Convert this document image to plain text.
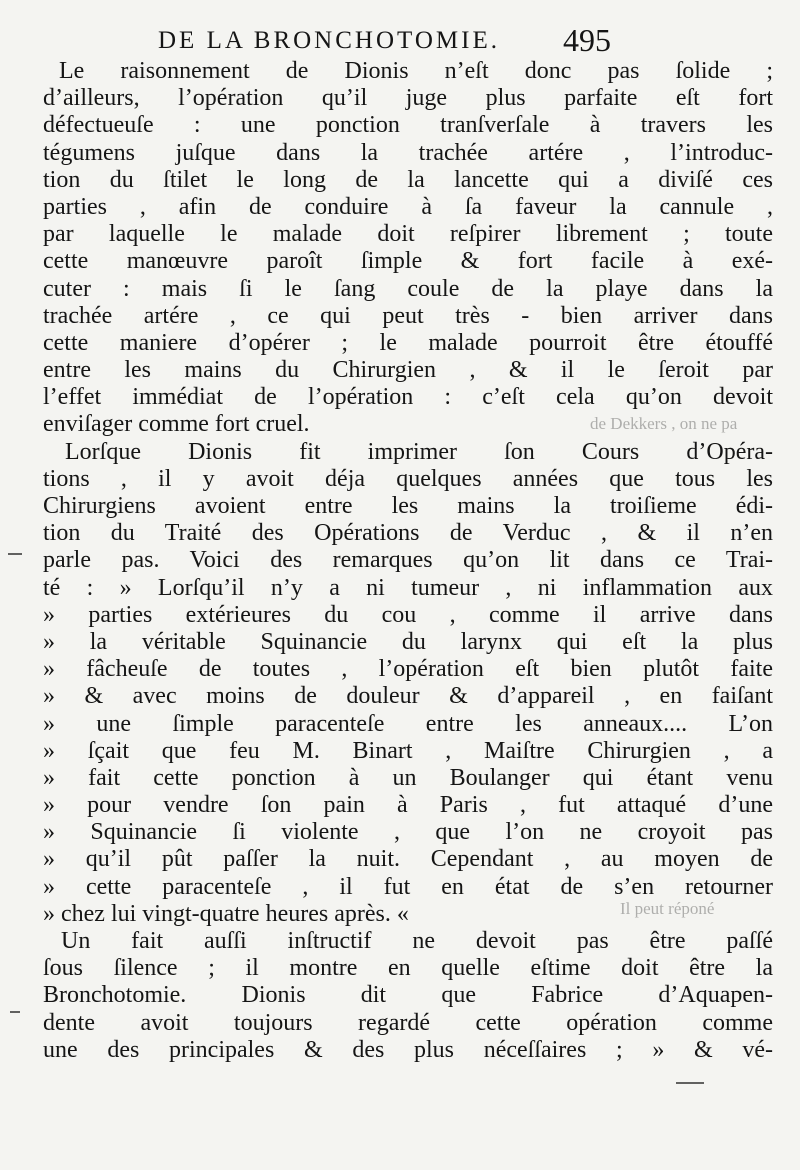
DE LA BRONCHOTOMIE. 495
de Dekkers , on ne pa
Il peut réponé
Le raisonnement de Dionis n’eſt donc pas ſolide ;
d’ailleurs, l’opération qu’il juge plus parfaite eſt fort
défectueuſe : une ponction tranſverſale à travers les
tégumens juſque dans la trachée artére , l’introduc-
tion du ſtilet le long de la lancette qui a diviſé ces
parties , afin de conduire à ſa faveur la cannule ,
par laquelle le malade doit reſpirer librement ; toute
cette manœuvre paroît ſimple & fort facile à exé-
cuter : mais ſi le ſang coule de la playe dans la
trachée artére , ce qui peut très - bien arriver dans
cette maniere d’opérer ; le malade pourroit être étouffé
entre les mains du Chirurgien , & il le ſeroit par
l’effet immédiat de l’opération : c’eſt cela qu’on devoit
enviſager comme fort cruel.
Lorſque Dionis fit imprimer ſon Cours d’Opéra-
tions , il y avoit déja quelques années que tous les
Chirurgiens avoient entre les mains la troiſieme édi-
tion du Traité des Opérations de Verduc , & il n’en
parle pas. Voici des remarques qu’on lit dans ce Trai-
té : » Lorſqu’il n’y a ni tumeur , ni inflammation aux
» parties extérieures du cou , comme il arrive dans
» la véritable Squinancie du larynx qui eſt la plus
» fâcheuſe de toutes , l’opération eſt bien plutôt faite
» & avec moins de douleur & d’appareil , en faiſant
» une ſimple paracenteſe entre les anneaux.... L’on
» ſçait que feu M. Binart , Maiſtre Chirurgien , a
» fait cette ponction à un Boulanger qui étant venu
» pour vendre ſon pain à Paris , fut attaqué d’une
» Squinancie ſi violente , que l’on ne croyoit pas
» qu’il pût paſſer la nuit. Cependant , au moyen de
» cette paracenteſe , il fut en état de s’en retourner
» chez lui vingt-quatre heures après. «
Un fait auſſi inſtructif ne devoit pas être paſſé
ſous ſilence ; il montre en quelle eſtime doit être la
Bronchotomie. Dionis dit que Fabrice d’Aquapen-
dente avoit toujours regardé cette opération comme
une des principales & des plus néceſſaires ; » & vé-
